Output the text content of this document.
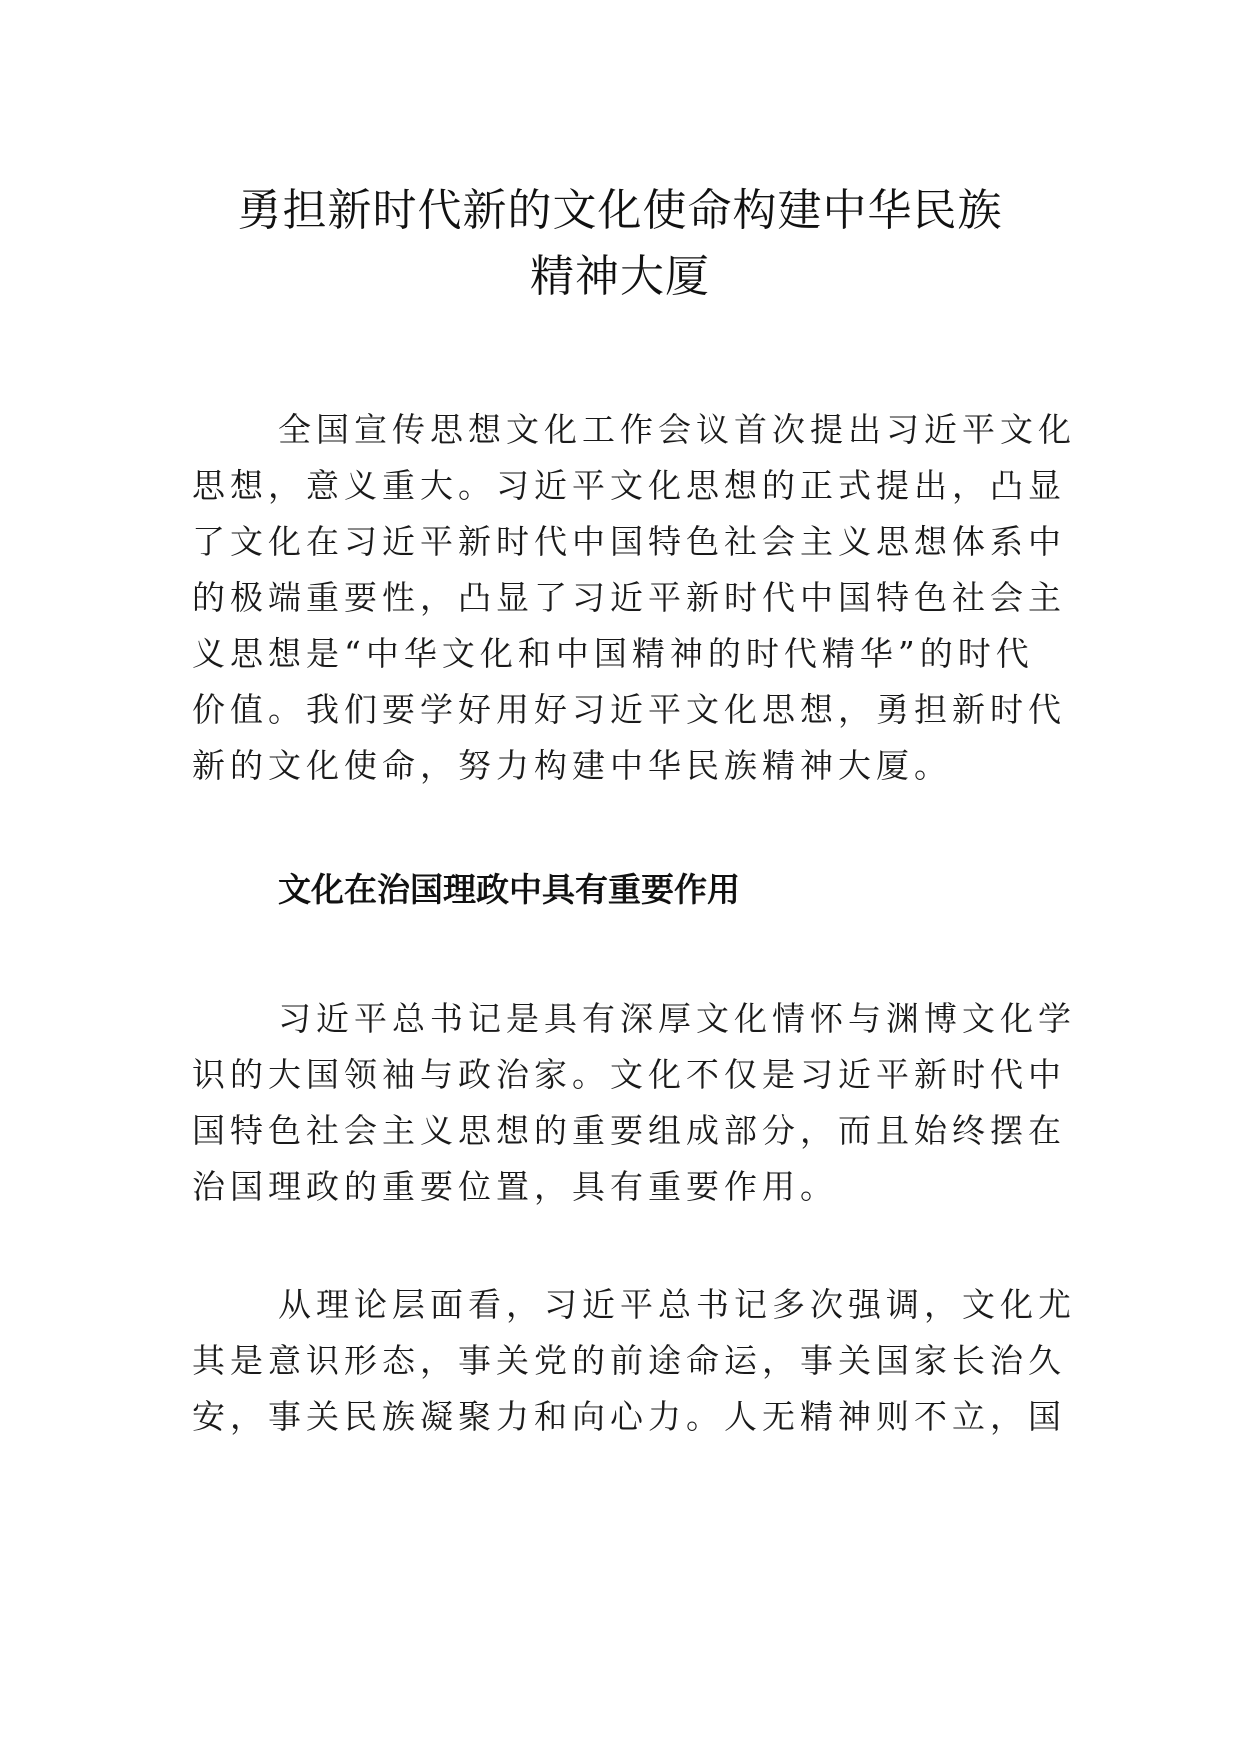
勇担新时代新的文化使命构建中华民族
精神大厦
全国宣传思想文化工作会议首次提出习近平文化
思想，意义重大。习近平文化思想的正式提出，凸显
了文化在习近平新时代中国特色社会主义思想体系中
的极端重要性，凸显了习近平新时代中国特色社会主
义思想是“中华文化和中国精神的时代精华”的时代
价值。我们要学好用好习近平文化思想，勇担新时代
新的文化使命，努力构建中华民族精神大厦。
文化在治国理政中具有重要作用
习近平总书记是具有深厚文化情怀与渊博文化学
识的大国领袖与政治家。文化不仅是习近平新时代中
国特色社会主义思想的重要组成部分，而且始终摆在
治国理政的重要位置，具有重要作用。
从理论层面看，习近平总书记多次强调，文化尤
其是意识形态，事关党的前途命运，事关国家长治久
安，事关民族凝聚力和向心力。人无精神则不立，国
